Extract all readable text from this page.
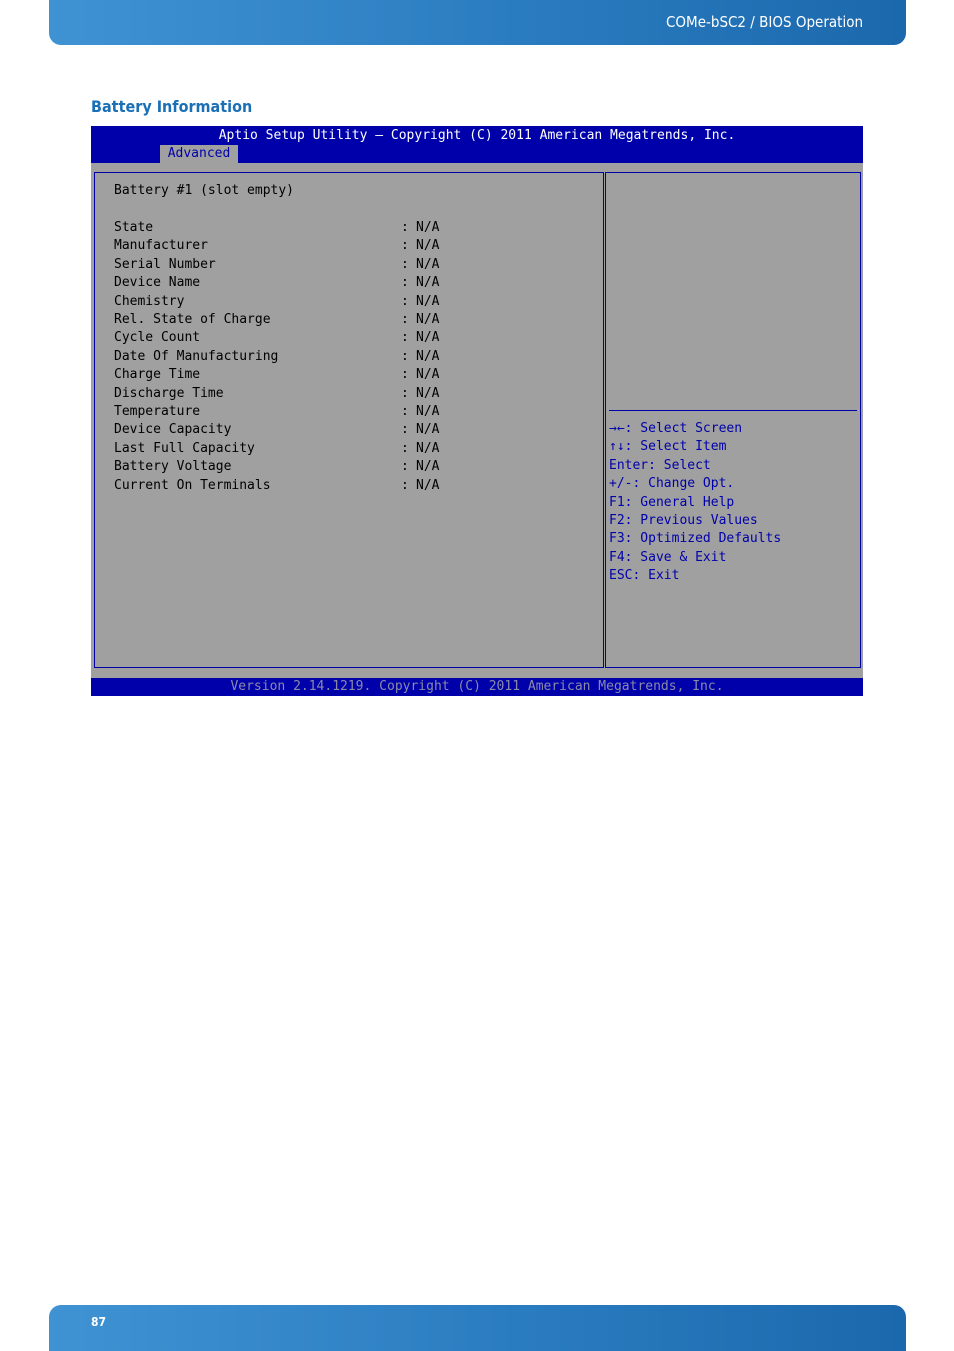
COMe-bSC2 / BIOS Operation
Battery Information
Aptio Setup Utility – Copyright (C) 2011 American Megatrends, Inc.
Advanced
Battery #1 (slot empty)
State	: N/A
Manufacturer	: N/A
Serial Number	: N/A
Device Name	: N/A
Chemistry	: N/A
Rel. State of Charge	: N/A
Cycle Count	: N/A
Date Of Manufacturing	: N/A
Charge Time	: N/A
Discharge Time	: N/A
Temperature	: N/A
Device Capacity	: N/A
Last Full Capacity	: N/A
Battery Voltage	: N/A
Current On Terminals	: N/A
→←: Select Screen
↑↓: Select Item
Enter: Select
+/-: Change Opt.
F1: General Help
F2: Previous Values
F3: Optimized Defaults
F4: Save & Exit
ESC: Exit
Version 2.14.1219. Copyright (C) 2011 American Megatrends, Inc.
87
